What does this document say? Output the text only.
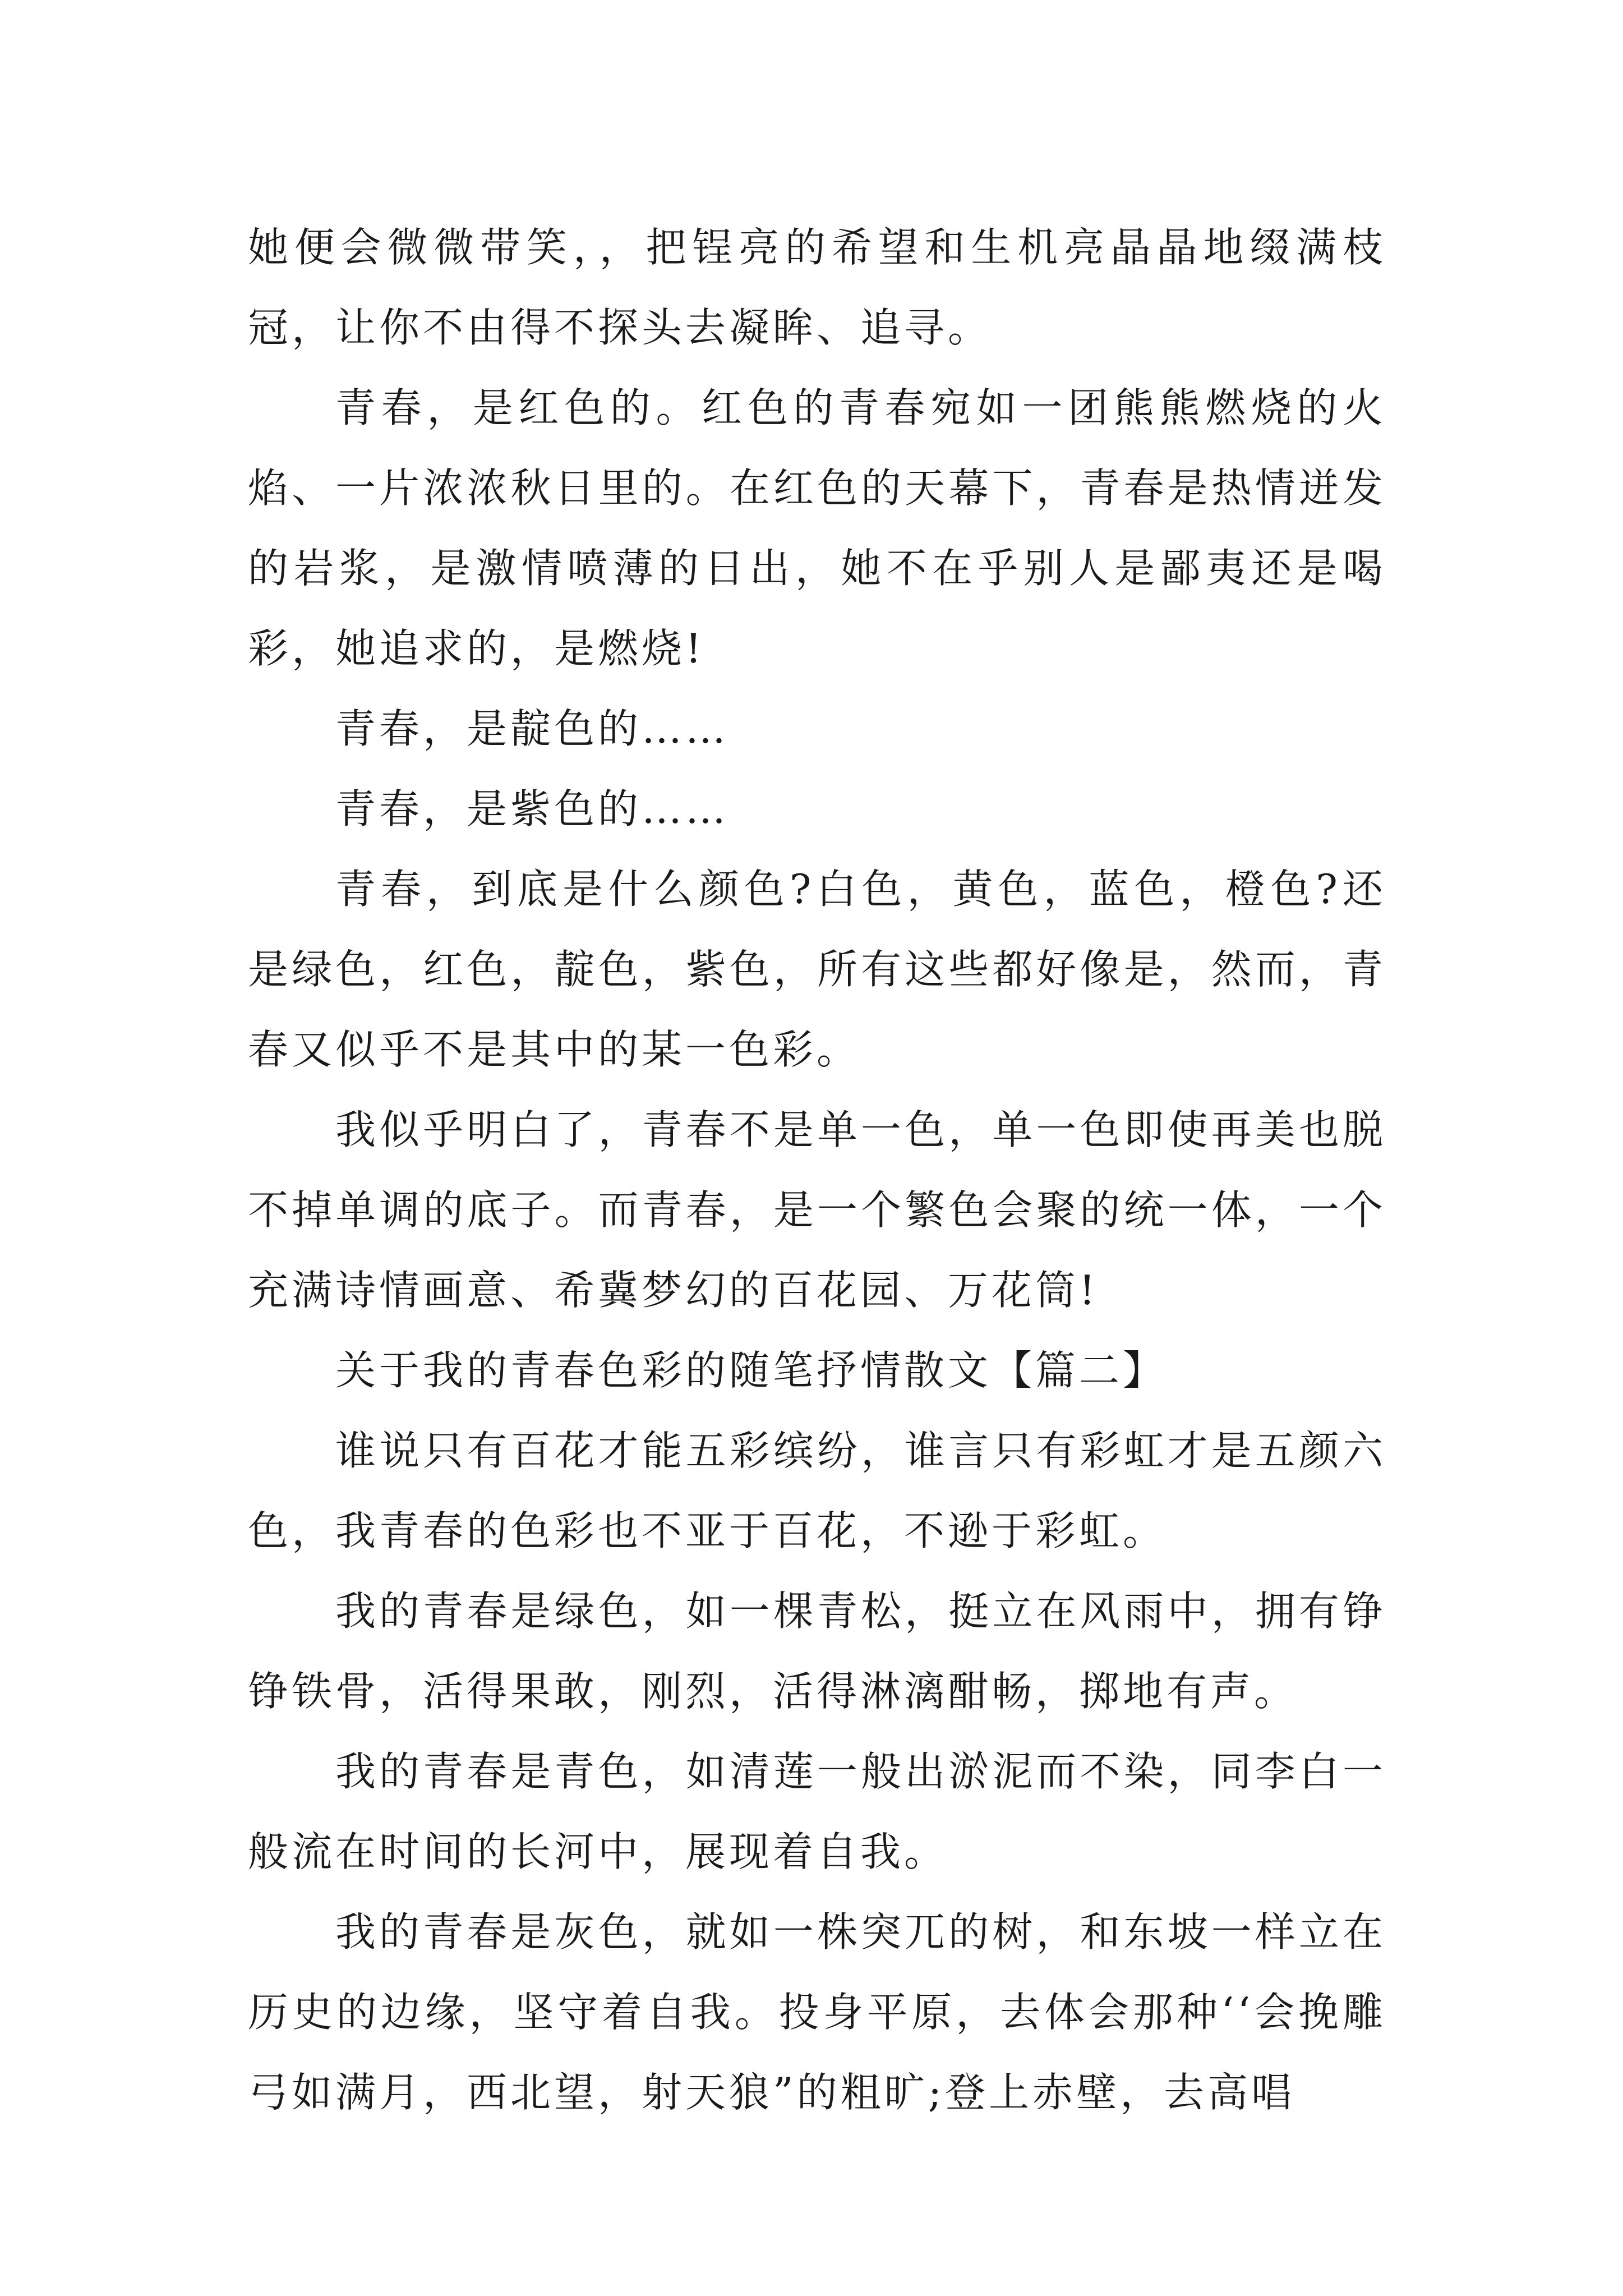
她便会微微带笑，，把锃亮的希望和生机亮晶晶地缀满枝冠，让你不由得不探头去凝眸、追寻。

青春，是红色的。红色的青春宛如一团熊熊燃烧的火焰、一片浓浓秋日里的。在红色的天幕下，青春是热情迸发的岩浆，是激情喷薄的日出，她不在乎别人是鄙夷还是喝彩，她追求的，是燃烧!

青春，是靛色的……

青春，是紫色的……

青春，到底是什么颜色?白色，黄色，蓝色，橙色?还是绿色，红色，靛色，紫色，所有这些都好像是，然而，青春又似乎不是其中的某一色彩。

我似乎明白了，青春不是单一色，单一色即使再美也脱不掉单调的底子。而青春，是一个繁色会聚的统一体，一个充满诗情画意、希冀梦幻的百花园、万花筒!

关于我的青春色彩的随笔抒情散文【篇二】

谁说只有百花才能五彩缤纷，谁言只有彩虹才是五颜六色，我青春的色彩也不亚于百花，不逊于彩虹。

我的青春是绿色，如一棵青松，挺立在风雨中，拥有铮铮铁骨，活得果敢，刚烈，活得淋漓酣畅，掷地有声。

我的青春是青色，如清莲一般出淤泥而不染，同李白一般流在时间的长河中，展现着自我。

我的青春是灰色，就如一株突兀的树，和东坡一样立在历史的边缘，坚守着自我。投身平原，去体会那种‘‘会挽雕弓如满月，西北望，射天狼”的粗旷;登上赤壁，去高唱
